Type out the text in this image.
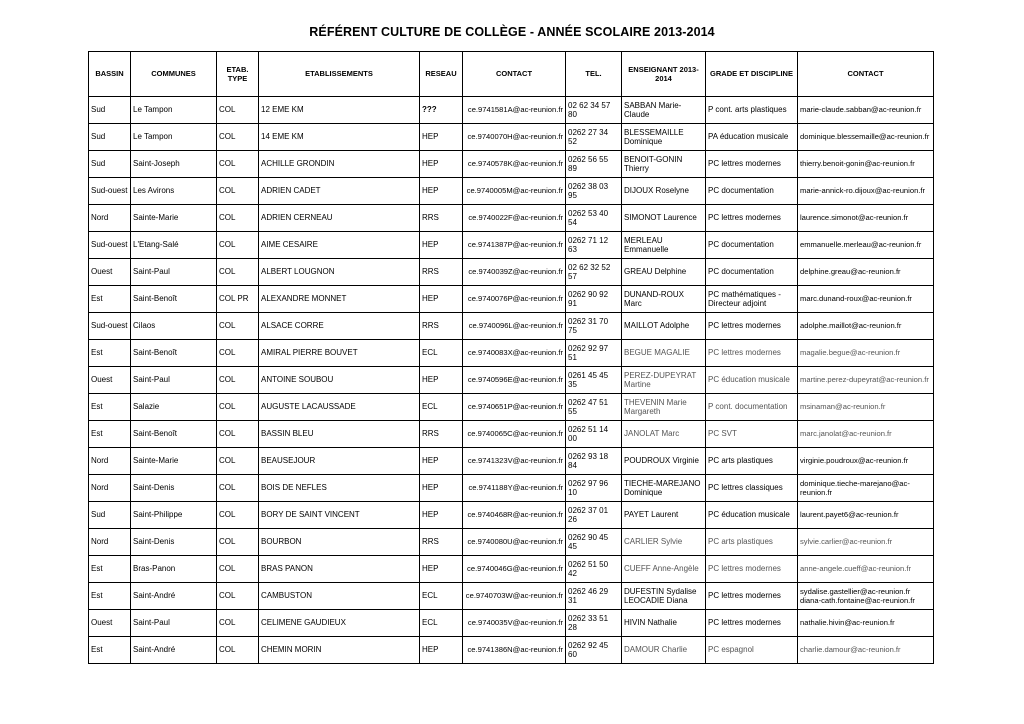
RÉFÉRENT CULTURE DE COLLÈGE - ANNÉE SCOLAIRE 2013-2014
BASSIN	COMMUNES	ETAB. TYPE	ETABLISSEMENTS	RESEAU	CONTACT	TEL.	ENSEIGNANT 2013-2014	GRADE ET DISCIPLINE	CONTACT
Sud	Le Tampon	COL	12 EME KM	???	ce.9741581A@ac-reunion.fr	02 62 34 57 80	SABBAN Marie-Claude	P cont. arts plastiques	marie-claude.sabban@ac-reunion.fr
Sud	Le Tampon	COL	14 EME KM	HEP	ce.9740070H@ac-reunion.fr	0262 27 34 52	BLESSEMAILLE Dominique	PA éducation musicale	dominique.blessemaille@ac-reunion.fr
Sud	Saint-Joseph	COL	ACHILLE GRONDIN	HEP	ce.9740578K@ac-reunion.fr	0262 56 55 89	BENOIT-GONIN Thierry	PC lettres modernes	thierry.benoit-gonin@ac-reunion.fr
Sud-ouest	Les Avirons	COL	ADRIEN CADET	HEP	ce.9740005M@ac-reunion.fr	0262 38 03 95	DIJOUX Roselyne	PC documentation	marie-annick-ro.dijoux@ac-reunion.fr
Nord	Sainte-Marie	COL	ADRIEN CERNEAU	RRS	ce.9740022F@ac-reunion.fr	0262 53 40 54	SIMONOT Laurence	PC lettres modernes	laurence.simonot@ac-reunion.fr
Sud-ouest	L'Etang-Salé	COL	AIME CESAIRE	HEP	ce.9741387P@ac-reunion.fr	0262 71 12 63	MERLEAU Emmanuelle	PC documentation	emmanuelle.merleau@ac-reunion.fr
Ouest	Saint-Paul	COL	ALBERT LOUGNON	RRS	ce.9740039Z@ac-reunion.fr	02 62 32 52 57	GREAU Delphine	PC documentation	delphine.greau@ac-reunion.fr
Est	Saint-Benoît	COL PR	ALEXANDRE MONNET	HEP	ce.9740076P@ac-reunion.fr	0262 90 92 91	DUNAND-ROUX Marc	PC mathématiques - Directeur adjoint	marc.dunand-roux@ac-reunion.fr
Sud-ouest	Cilaos	COL	ALSACE CORRE	RRS	ce.9740096L@ac-reunion.fr	0262 31 70 75	MAILLOT Adolphe	PC lettres modernes	adolphe.maillot@ac-reunion.fr
Est	Saint-Benoît	COL	AMIRAL PIERRE BOUVET	ECL	ce.9740083X@ac-reunion.fr	0262 92 97 51	BEGUE MAGALIE	PC lettres modernes	magalie.begue@ac-reunion.fr
Ouest	Saint-Paul	COL	ANTOINE SOUBOU	HEP	ce.9740596E@ac-reunion.fr	0261 45 45 35	PEREZ-DUPEYRAT Martine	PC éducation musicale	martine.perez-dupeyrat@ac-reunion.fr
Est	Salazie	COL	AUGUSTE LACAUSSADE	ECL	ce.9740651P@ac-reunion.fr	0262 47 51 55	THEVENIN Marie Margareth	P cont. documentation	msinaman@ac-reunion.fr
Est	Saint-Benoît	COL	BASSIN BLEU	RRS	ce.9740065C@ac-reunion.fr	0262 51 14 00	JANOLAT Marc	PC SVT	marc.janolat@ac-reunion.fr
Nord	Sainte-Marie	COL	BEAUSEJOUR	HEP	ce.9741323V@ac-reunion.fr	0262 93 18 84	POUDROUX Virginie	PC arts plastiques	virginie.poudroux@ac-reunion.fr
Nord	Saint-Denis	COL	BOIS DE NEFLES	HEP	ce.9741188Y@ac-reunion.fr	0262 97 96 10	TIECHE-MAREJANO Dominique	PC lettres classiques	dominique.tieche-marejano@ac-reunion.fr
Sud	Saint-Philippe	COL	BORY DE SAINT VINCENT	HEP	ce.9740468R@ac-reunion.fr	0262 37 01 26	PAYET Laurent	PC éducation musicale	laurent.payet6@ac-reunion.fr
Nord	Saint-Denis	COL	BOURBON	RRS	ce.9740080U@ac-reunion.fr	0262 90 45 45	CARLIER Sylvie	PC arts plastiques	sylvie.carlier@ac-reunion.fr
Est	Bras-Panon	COL	BRAS PANON	HEP	ce.9740046G@ac-reunion.fr	0262 51 50 42	CUEFF Anne-Angèle	PC lettres modernes	anne-angele.cueff@ac-reunion.fr
Est	Saint-André	COL	CAMBUSTON	ECL	ce.9740703W@ac-reunion.fr	0262 46 29 31	DUFESTIN Sydalise LEOCADIE Diana	PC lettres modernes	sydalise.gastellier@ac-reunion.fr diana-cath.fontaine@ac-reunion.fr
Ouest	Saint-Paul	COL	CELIMENE GAUDIEUX	ECL	ce.9740035V@ac-reunion.fr	0262 33 51 28	HIVIN Nathalie	PC lettres modernes	nathalie.hivin@ac-reunion.fr
Est	Saint-André	COL	CHEMIN MORIN	HEP	ce.9741386N@ac-reunion.fr	0262 92 45 60	DAMOUR Charlie	PC espagnol	charlie.damour@ac-reunion.fr
